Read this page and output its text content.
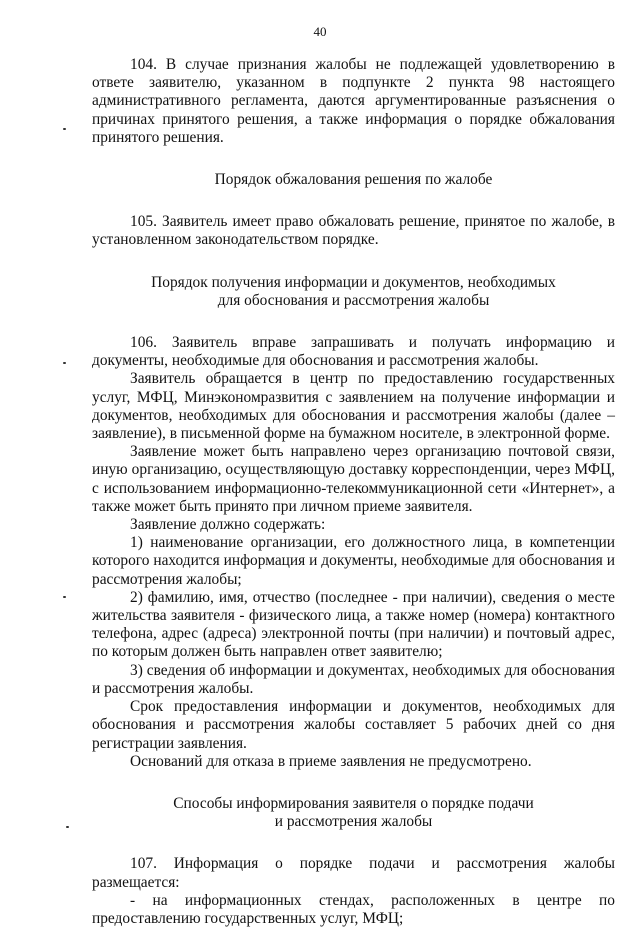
40

104. В случае признания жалобы не подлежащей удовлетворению в ответе заявителю, указанном в подпункте 2 пункта 98 настоящего административного регламента, даются аргументированные разъяснения о причинах принятого решения, а также информация о порядке обжалования принятого решения.

Порядок обжалования решения по жалобе

105. Заявитель имеет право обжаловать решение, принятое по жалобе, в установленном законодательством порядке.

Порядок получения информации и документов, необходимых
для обоснования и рассмотрения жалобы

106. Заявитель вправе запрашивать и получать информацию и документы, необходимые для обоснования и рассмотрения жалобы.

Заявитель обращается в центр по предоставлению государственных услуг, МФЦ, Минэкономразвития с заявлением на получение информации и документов, необходимых для обоснования и рассмотрения жалобы (далее – заявление), в письменной форме на бумажном носителе, в электронной форме.

Заявление может быть направлено через организацию почтовой связи, иную организацию, осуществляющую доставку корреспонденции, через МФЦ, с использованием информационно-телекоммуникационной сети «Интернет», а также может быть принято при личном приеме заявителя.

Заявление должно содержать:

1) наименование организации, его должностного лица, в компетенции которого находится информация и документы, необходимые для обоснования и рассмотрения жалобы;

2) фамилию, имя, отчество (последнее - при наличии), сведения о месте жительства заявителя - физического лица, а также номер (номера) контактного телефона, адрес (адреса) электронной почты (при наличии) и почтовый адрес, по которым должен быть направлен ответ заявителю;

3) сведения об информации и документах, необходимых для обоснования и рассмотрения жалобы.

Срок предоставления информации и документов, необходимых для обоснования и рассмотрения жалобы составляет 5 рабочих дней со дня регистрации заявления.

Оснований для отказа в приеме заявления не предусмотрено.

Способы информирования заявителя о порядке подачи
и рассмотрения жалобы

107. Информация о порядке подачи и рассмотрения жалобы размещается:

- на информационных стендах, расположенных в центре по предоставлению государственных услуг, МФЦ;
